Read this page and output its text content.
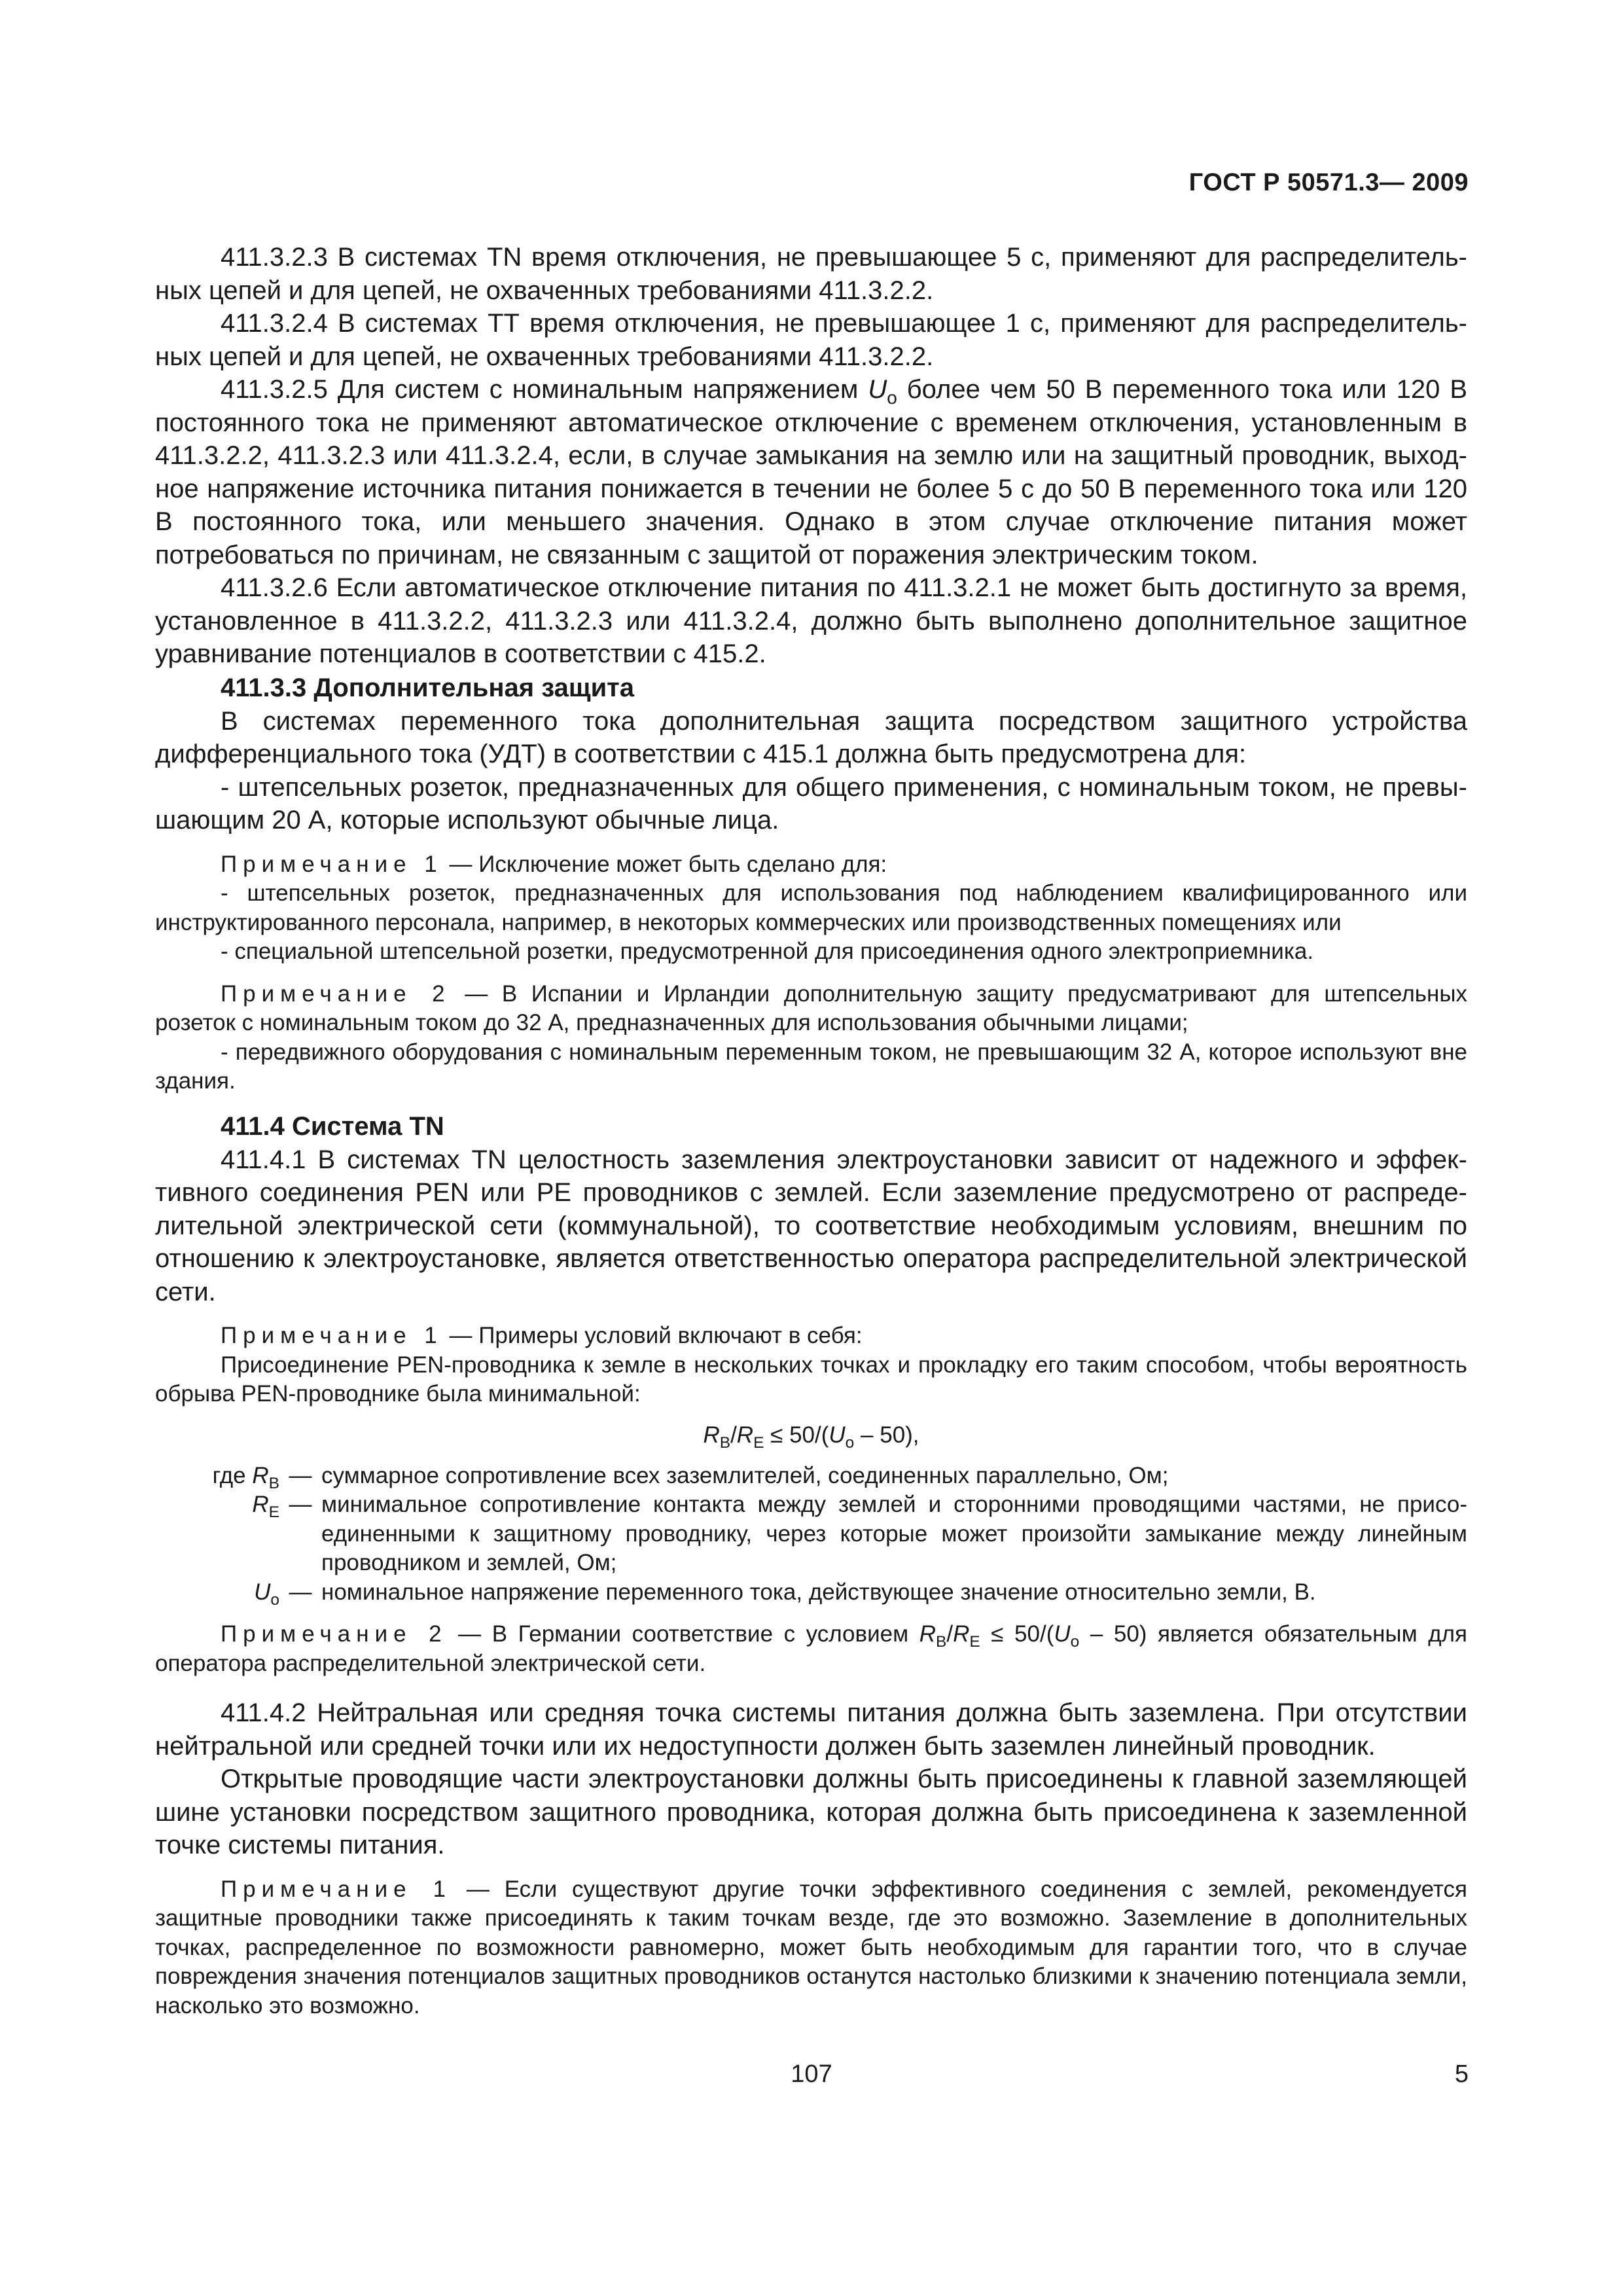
ГОСТ Р 50571.3— 2009

411.3.2.3 В системах TN время отключения, не превышающее 5 с, применяют для распределительных цепей и для цепей, не охваченных требованиями 411.3.2.2.

411.3.2.4 В системах ТТ время отключения, не превышающее 1 с, применяют для распределительных цепей и для цепей, не охваченных требованиями 411.3.2.2.

411.3.2.5 Для систем с номинальным напряжением $U_o$ более чем 50 В переменного тока или 120 В постоянного тока не применяют автоматическое отключение с временем отключения, установленным в 411.3.2.2, 411.3.2.3 или 411.3.2.4, если, в случае замыкания на землю или на защитный проводник, выходное напряжение источника питания понижается в течении не более 5 с до 50 В переменного тока или 120 В постоянного тока, или меньшего значения. Однако в этом случае отключение питания может потребоваться по причинам, не связанным с защитой от поражения электрическим током.

411.3.2.6 Если автоматическое отключение питания по 411.3.2.1 не может быть достигнуто за время, установленное в 411.3.2.2, 411.3.2.3 или 411.3.2.4, должно быть выполнено дополнительное защитное уравнивание потенциалов в соответствии с 415.2.

411.3.3 Дополнительная защита

В системах переменного тока дополнительная защита посредством защитного устройства дифференциального тока (УДТ) в соответствии с 415.1 должна быть предусмотрена для:

- штепсельных розеток, предназначенных для общего применения, с номинальным током, не превышающим 20 А, которые используют обычные лица.

Примечание 1 — Исключение может быть сделано для:

- штепсельных розеток, предназначенных для использования под наблюдением квалифицированного или инструктированного персонала, например, в некоторых коммерческих или производственных помещениях или

- специальной штепсельной розетки, предусмотренной для присоединения одного электроприемника.

Примечание 2 — В Испании и Ирландии дополнительную защиту предусматривают для штепсельных розеток с номинальным током до 32 А, предназначенных для использования обычными лицами;

- передвижного оборудования с номинальным переменным током, не превышающим 32 А, которое используют вне здания.

411.4 Система TN

411.4.1 В системах TN целостность заземления электроустановки зависит от надежного и эффективного соединения PEN или PE проводников с землей. Если заземление предусмотрено от распределительной электрической сети (коммунальной), то соответствие необходимым условиям, внешним по отношению к электроустановке, является ответственностью оператора распределительной электрической сети.

Примечание 1 — Примеры условий включают в себя:

Присоединение PEN-проводника к земле в нескольких точках и прокладку его таким способом, чтобы вероятность обрыва PEN-проводнике была минимальной:

$R_B/R_E \le 50/(U_o - 50)$,
где $R_B$ — суммарное сопротивление всех заземлителей, соединенных параллельно, Ом;
$R_E$ — минимальное сопротивление контакта между землей и сторонними проводящими частями, не присоединенными к защитному проводнику, через которые может произойти замыкание между линейным проводником и землей, Ом;
$U_o$ — номинальное напряжение переменного тока, действующее значение относительно земли, В.

Примечание 2 — В Германии соответствие с условием $R_B/R_E \le 50/(U_o - 50)$ является обязательным для оператора распределительной электрической сети.

411.4.2 Нейтральная или средняя точка системы питания должна быть заземлена. При отсутствии нейтральной или средней точки или их недоступности должен быть заземлен линейный проводник.

Открытые проводящие части электроустановки должны быть присоединены к главной заземляющей шине установки посредством защитного проводника, которая должна быть присоединена к заземленной точке системы питания.

Примечание 1 — Если существуют другие точки эффективного соединения с землей, рекомендуется защитные проводники также присоединять к таким точкам везде, где это возможно. Заземление в дополнительных точках, распределенное по возможности равномерно, может быть необходимым для гарантии того, что в случае повреждения значения потенциалов защитных проводников останутся настолько близкими к значению потенциала земли, насколько это возможно.

107	5
